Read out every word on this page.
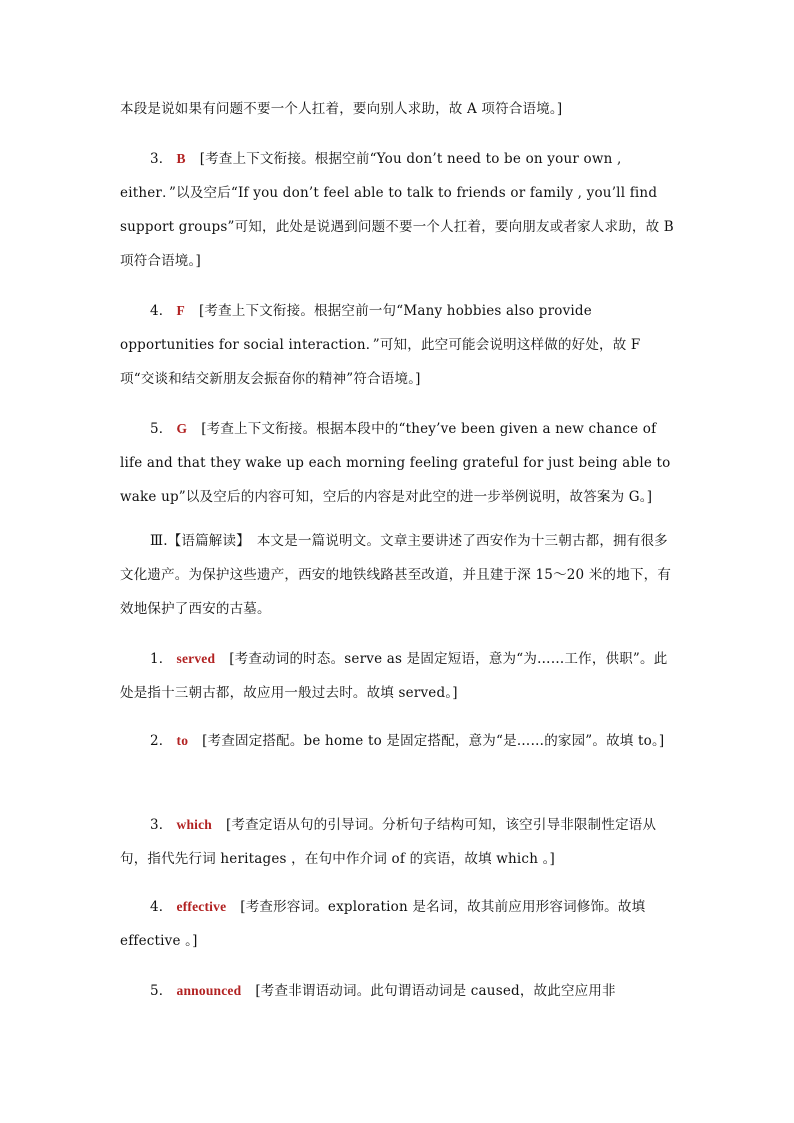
本段是说如果有问题不要一个人扛着，要向别人求助，故 A 项符合语境。]
3． B [考查上下文衔接。根据空前“You don’t need to be on your own , either．”以及空后“If you don’t feel able to talk to friends or family , you’ll find support groups”可知，此处是说遇到问题不要一个人扛着，要向朋友或者家人求助，故 B 项符合语境。]
4． F [考查上下文衔接。根据空前一句“Many hobbies also provide opportunities for social interaction．”可知，此空可能会说明这样做的好处，故 F 项“交谈和结交新朋友会振奋你的精神”符合语境。]
5． G [考查上下文衔接。根据本段中的“they’ve been given a new chance of life and that they wake up each morning feeling grateful for just being able to wake up”以及空后的内容可知，空后的内容是对此空的进一步举例说明，故答案为 G。]
Ⅲ.【语篇解读】　本文是一篇说明文。文章主要讲述了西安作为十三朝古都，拥有很多文化遗产。为保护这些遗产，西安的地铁线路甚至改道，并且建于深 15～20 米的地下，有效地保护了西安的古墓。
1． served [考查动词的时态。serve as 是固定短语，意为“为……工作，供职”。此处是指十三朝古都，故应用一般过去时。故填 served。]
2． to [考查固定搭配。be home to 是固定搭配，意为“是……的家园”。故填 to。]
3． which [考查定语从句的引导词。分析句子结构可知，该空引导非限制性定语从句，指代先行词 heritages ，在句中作介词 of 的宾语，故填 which 。]
4． effective [考查形容词。exploration 是名词，故其前应用形容词修饰。故填 effective 。]
5． announced [考查非谓语动词。此句谓语动词是 caused，故此空应用非
